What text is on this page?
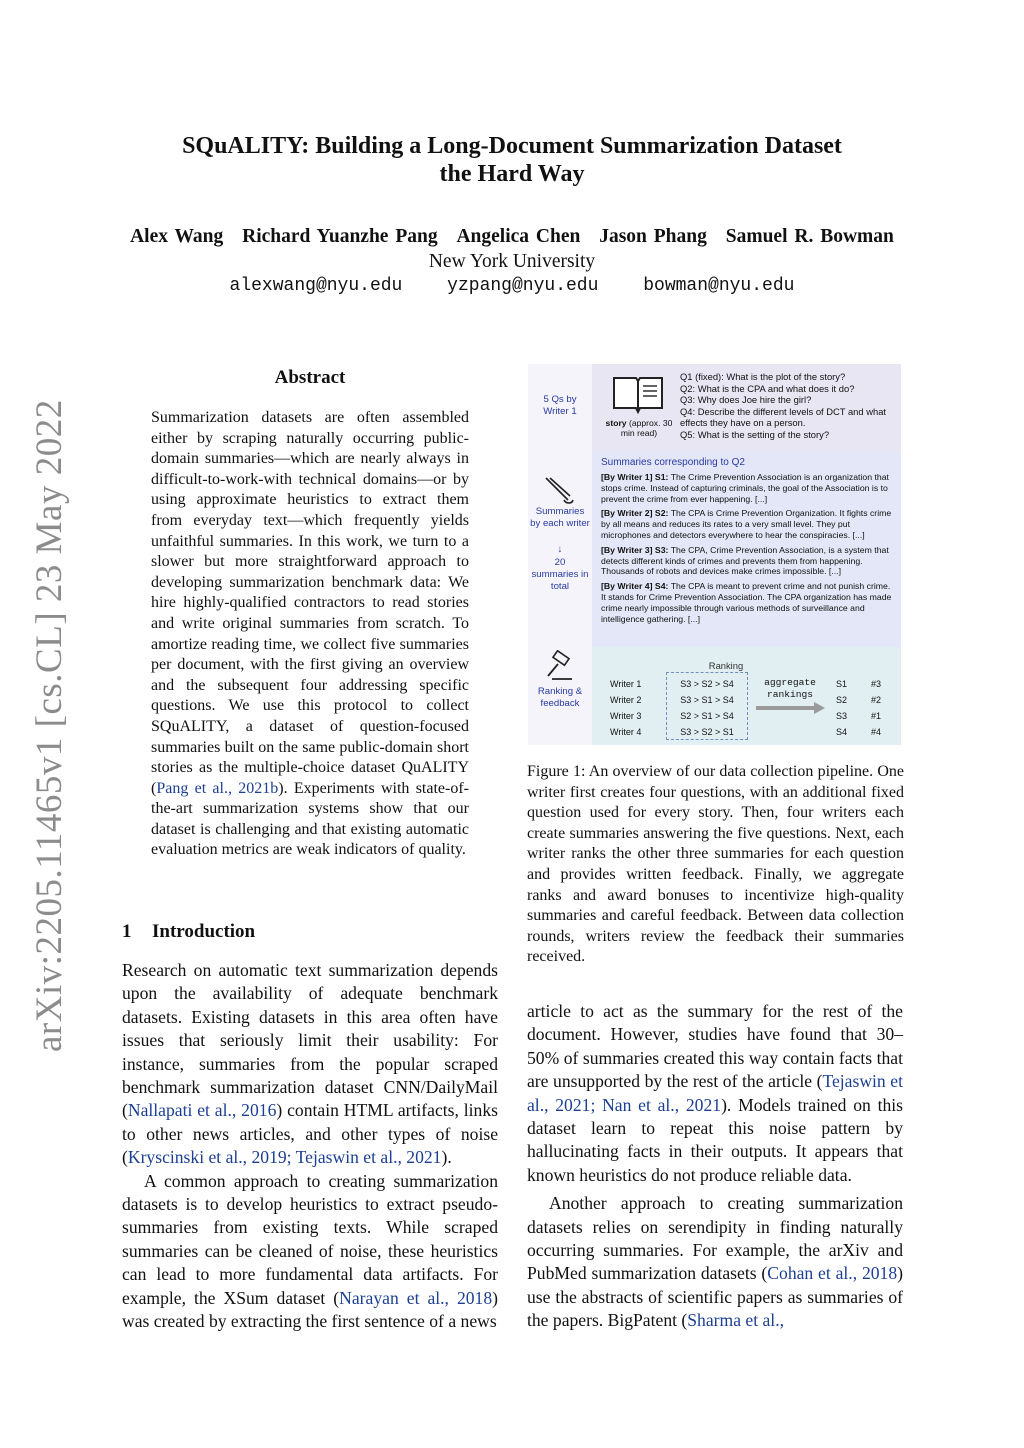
SQuALITY: Building a Long-Document Summarization Dataset
the Hard Way
Alex Wang Richard Yuanzhe Pang Angelica Chen Jason Phang Samuel R. Bowman
New York University
alexwang@nyu.edu yzpang@nyu.edu bowman@nyu.edu
arXiv:2205.11465v1 [cs.CL] 23 May 2022
Abstract
Summarization datasets are often assembled either by scraping naturally occurring public-domain summaries—which are nearly always in difficult-to-work-with technical domains—or by using approximate heuristics to extract them from everyday text—which frequently yields unfaithful summaries. In this work, we turn to a slower but more straightforward approach to developing summarization benchmark data: We hire highly-qualified contractors to read stories and write original summaries from scratch. To amortize reading time, we collect five summaries per document, with the first giving an overview and the subsequent four addressing specific questions. We use this protocol to collect SQuALITY, a dataset of question-focused summaries built on the same public-domain short stories as the multiple-choice dataset QuALITY (Pang et al., 2021b). Experiments with state-of-the-art summarization systems show that our dataset is challenging and that existing automatic evaluation metrics are weak indicators of quality.
1 Introduction

Research on automatic text summarization depends upon the availability of adequate benchmark datasets. Existing datasets in this area often have issues that seriously limit their usability: For instance, summaries from the popular scraped benchmark summarization dataset CNN/DailyMail (Nallapati et al., 2016) contain HTML artifacts, links to other news articles, and other types of noise (Kryscinski et al., 2019; Tejaswin et al., 2021).

A common approach to creating summarization datasets is to develop heuristics to extract pseudo-summaries from existing texts. While scraped summaries can be cleaned of noise, these heuristics can lead to more fundamental data artifacts. For example, the XSum dataset (Narayan et al., 2018) was created by extracting the first sentence of a news

5 Qs by Writer 1
Summaries by each writer
↓
20 summaries in total
Ranking & feedback
story (approx. 30 min read)
Q1 (fixed): What is the plot of the story?
Q2: What is the CPA and what does it do?
Q3: Why does Joe hire the girl?
Q4: Describe the different levels of DCT and what effects they have on a person.
Q5: What is the setting of the story?
Summaries corresponding to Q2
[By Writer 1] S1: The Crime Prevention Association is an organization that stops crime. Instead of capturing criminals, the goal of the Association is to prevent the crime from ever happening. [...]
[By Writer 2] S2: The CPA is Crime Prevention Organization. It fights crime by all means and reduces its rates to a very small level. They put microphones and detectors everywhere to hear the conspiracies. [...]
[By Writer 3] S3: The CPA, Crime Prevention Association, is a system that detects different kinds of crimes and prevents them from happening. Thousands of robots and devices make crimes impossible. [...]
[By Writer 4] S4: The CPA is meant to prevent crime and not punish crime. It stands for Crime Prevention Association. The CPA organization has made crime nearly impossible through various methods of surveillance and intelligence gathering. [...]
Ranking
Writer 1
Writer 2
Writer 3
Writer 4
S3 > S2 > S4
S3 > S1 > S4
S2 > S1 > S4
S3 > S2 > S1
aggregate rankings
S1
S2
S3
S4
#3
#2
#1
#4
Figure 1: An overview of our data collection pipeline. One writer first creates four questions, with an additional fixed question used for every story. Then, four writers each create summaries answering the five questions. Next, each writer ranks the other three summaries for each question and provides written feedback. Finally, we aggregate ranks and award bonuses to incentivize high-quality summaries and careful feedback. Between data collection rounds, writers review the feedback their summaries received.

article to act as the summary for the rest of the document. However, studies have found that 30–50% of summaries created this way contain facts that are unsupported by the rest of the article (Tejaswin et al., 2021; Nan et al., 2021). Models trained on this dataset learn to repeat this noise pattern by hallucinating facts in their outputs. It appears that known heuristics do not produce reliable data.

Another approach to creating summarization datasets relies on serendipity in finding naturally occurring summaries. For example, the arXiv and PubMed summarization datasets (Cohan et al., 2018) use the abstracts of scientific papers as summaries of the papers. BigPatent (Sharma et al.,
